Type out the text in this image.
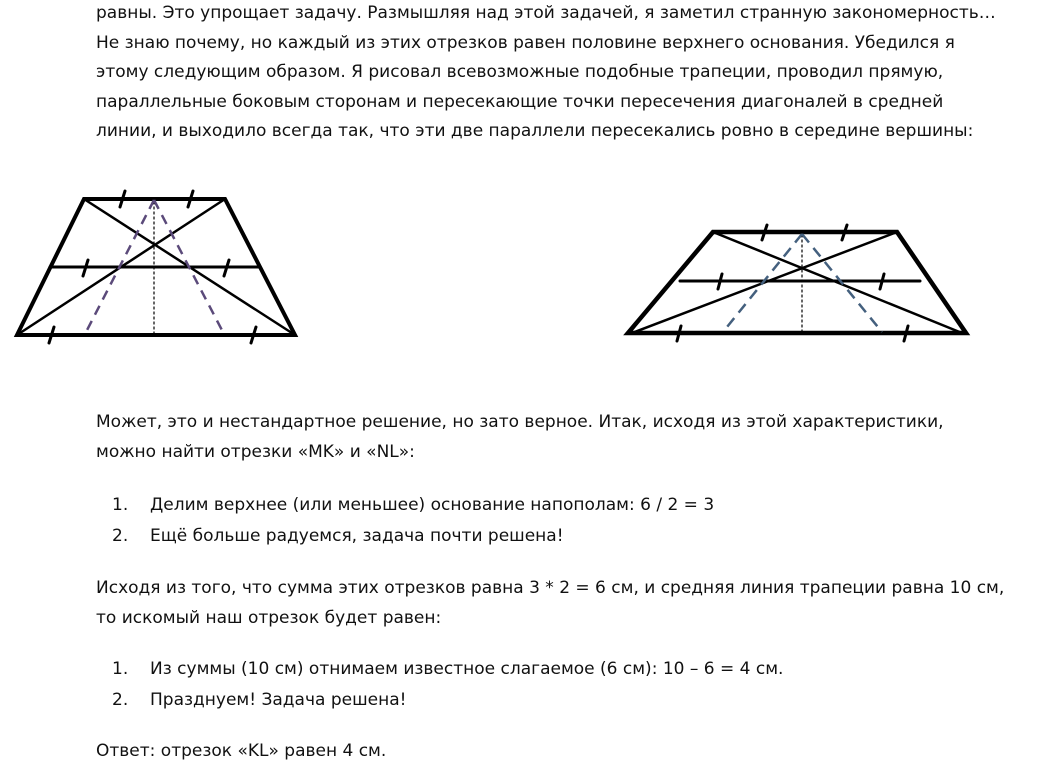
равны. Это упрощает задачу. Размышляя над этой задачей, я заметил странную закономерность…

Не знаю почему, но каждый из этих отрезков равен половине верхнего основания. Убедился я

этому следующим образом. Я рисовал всевозможные подобные трапеции, проводил прямую,

параллельные боковым сторонам и пересекающие точки пересечения диагоналей в средней

линии, и выходило всегда так, что эти две параллели пересекались ровно в середине вершины:

Может, это и нестандартное решение, но зато верное. Итак, исходя из этой характеристики,

можно найти отрезки «MK» и «NL»:

1. Делим верхнее (или меньшее) основание напополам: 6 / 2 = 3
2. Ещё больше радуемся, задача почти решена!

Исходя из того, что сумма этих отрезков равна 3 * 2 = 6 см, и средняя линия трапеции равна 10 см,

то искомый наш отрезок будет равен:

1. Из суммы (10 см) отнимаем известное слагаемое (6 см): 10 – 6 = 4 см.
2. Празднуем! Задача решена!

Ответ: отрезок «KL» равен 4 см.
